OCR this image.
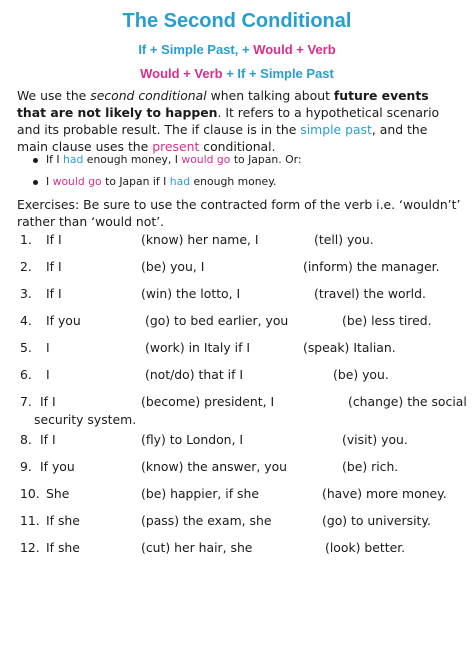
The Second Conditional
If + Simple Past, + Would + Verb
Would + Verb + If + Simple Past

We use the second conditional when talking about future events that are not likely to happen. It refers to a hypothetical scenario and its probable result. The if clause is in the simple past, and the main clause uses the present conditional.

If I had enough money, I would go to Japan. Or:
I would go to Japan if I had enough money.

Exercises: Be sure to use the contracted form of the verb i.e. ‘wouldn’t’ rather than ‘would not’.

1. If I	(know) her name, I	(tell) you.
2. If I	(be) you, I	(inform) the manager.
3. If I	(win) the lotto, I	(travel) the world.
4. If you	(go) to bed earlier, you	(be) less tired.
5. I	(work) in Italy if I	(speak) Italian.
6. I	(not/do) that if I	(be) you.
7. If I	(become) president, I	(change) the social
security system.
8. If I	(fly) to London, I	(visit) you.
9. If you	(know) the answer, you	(be) rich.
10. She	(be) happier, if she	(have) more money.
11. If she	(pass) the exam, she	(go) to university.
12. If she	(cut) her hair, she	(look) better.
